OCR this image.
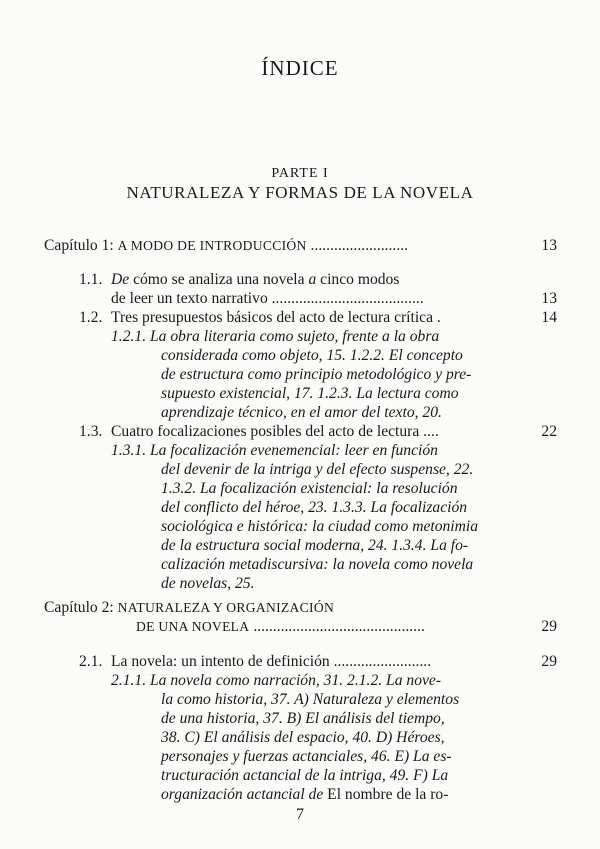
ÍNDICE
PARTE I
NATURALEZA Y FORMAS DE LA NOVELA
Capítulo 1: A MODO DE INTRODUCCIÓN .........................	13
1.1. De cómo se analiza una novela a cinco modos
de leer un texto narrativo .......................................	13
1.2. Tres presupuestos básicos del acto de lectura crítica .	14
1.2.1. La obra literaria como sujeto, frente a la obra
considerada como objeto, 15. 1.2.2. El concepto
de estructura como principio metodológico y pre-
supuesto existencial, 17. 1.2.3. La lectura como
aprendizaje técnico, en el amor del texto, 20.
1.3. Cuatro focalizaciones posibles del acto de lectura ....	22
1.3.1. La focalización evenemencial: leer en función
del devenir de la intriga y del efecto suspense, 22.
1.3.2. La focalización existencial: la resolución
del conflicto del héroe, 23. 1.3.3. La focalización
sociológica e histórica: la ciudad como metonimia
de la estructura social moderna, 24. 1.3.4. La fo-
calización metadiscursiva: la novela como novela
de novelas, 25.
Capítulo 2: NATURALEZA Y ORGANIZACIÓN
DE UNA NOVELA ............................................	29
2.1. La novela: un intento de definición .........................	29
2.1.1. La novela como narración, 31. 2.1.2. La nove-
la como historia, 37. A) Naturaleza y elementos
de una historia, 37. B) El análisis del tiempo,
38. C) El análisis del espacio, 40. D) Héroes,
personajes y fuerzas actanciales, 46. E) La es-
tructuración actancial de la intriga, 49. F) La
organización actancial de El nombre de la ro-
7
